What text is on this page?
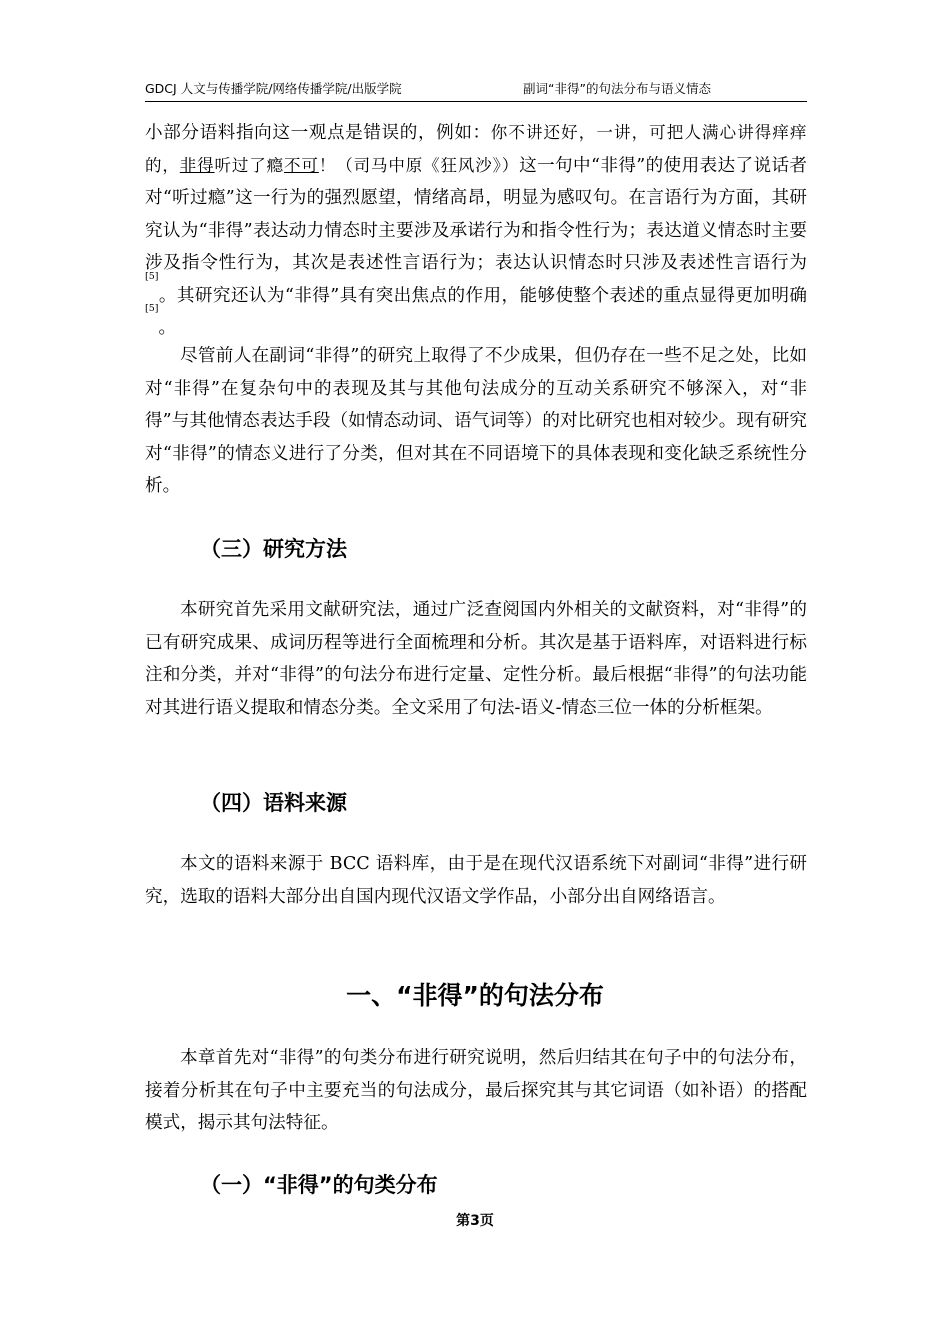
GDCJ 人文与传播学院/网络传播学院/出版学院	副词“非得”的句法分布与语义情态

小部分语料指向这一观点是错误的，例如：你不讲还好，一讲，可把人满心讲得痒痒的，非得听过了瘾不可！（司马中原《狂风沙》）这一句中“非得”的使用表达了说话者对“听过瘾”这一行为的强烈愿望，情绪高昂，明显为感叹句。在言语行为方面，其研究认为“非得”表达动力情态时主要涉及承诺行为和指令性行为；表达道义情态时主要涉及指令性行为，其次是表述性言语行为；表达认识情态时只涉及表述性言语行为[5]。其研究还认为“非得”具有突出焦点的作用，能够使整个表述的重点显得更加明确[5]。

尽管前人在副词“非得”的研究上取得了不少成果，但仍存在一些不足之处，比如对“非得”在复杂句中的表现及其与其他句法成分的互动关系研究不够深入，对“非得”与其他情态表达手段（如情态动词、语气词等）的对比研究也相对较少。现有研究对“非得”的情态义进行了分类，但对其在不同语境下的具体表现和变化缺乏系统性分析。

（三）研究方法

本研究首先采用文献研究法，通过广泛查阅国内外相关的文献资料，对“非得”的已有研究成果、成词历程等进行全面梳理和分析。其次是基于语料库，对语料进行标注和分类，并对“非得”的句法分布进行定量、定性分析。最后根据“非得”的句法功能对其进行语义提取和情态分类。全文采用了句法-语义-情态三位一体的分析框架。

（四）语料来源

本文的语料来源于 BCC 语料库，由于是在现代汉语系统下对副词“非得”进行研究，选取的语料大部分出自国内现代汉语文学作品，小部分出自网络语言。

一、“非得”的句法分布

本章首先对“非得”的句类分布进行研究说明，然后归结其在句子中的句法分布，接着分析其在句子中主要充当的句法成分，最后探究其与其它词语（如补语）的搭配模式，揭示其句法特征。

（一）“非得”的句类分布
第3页
